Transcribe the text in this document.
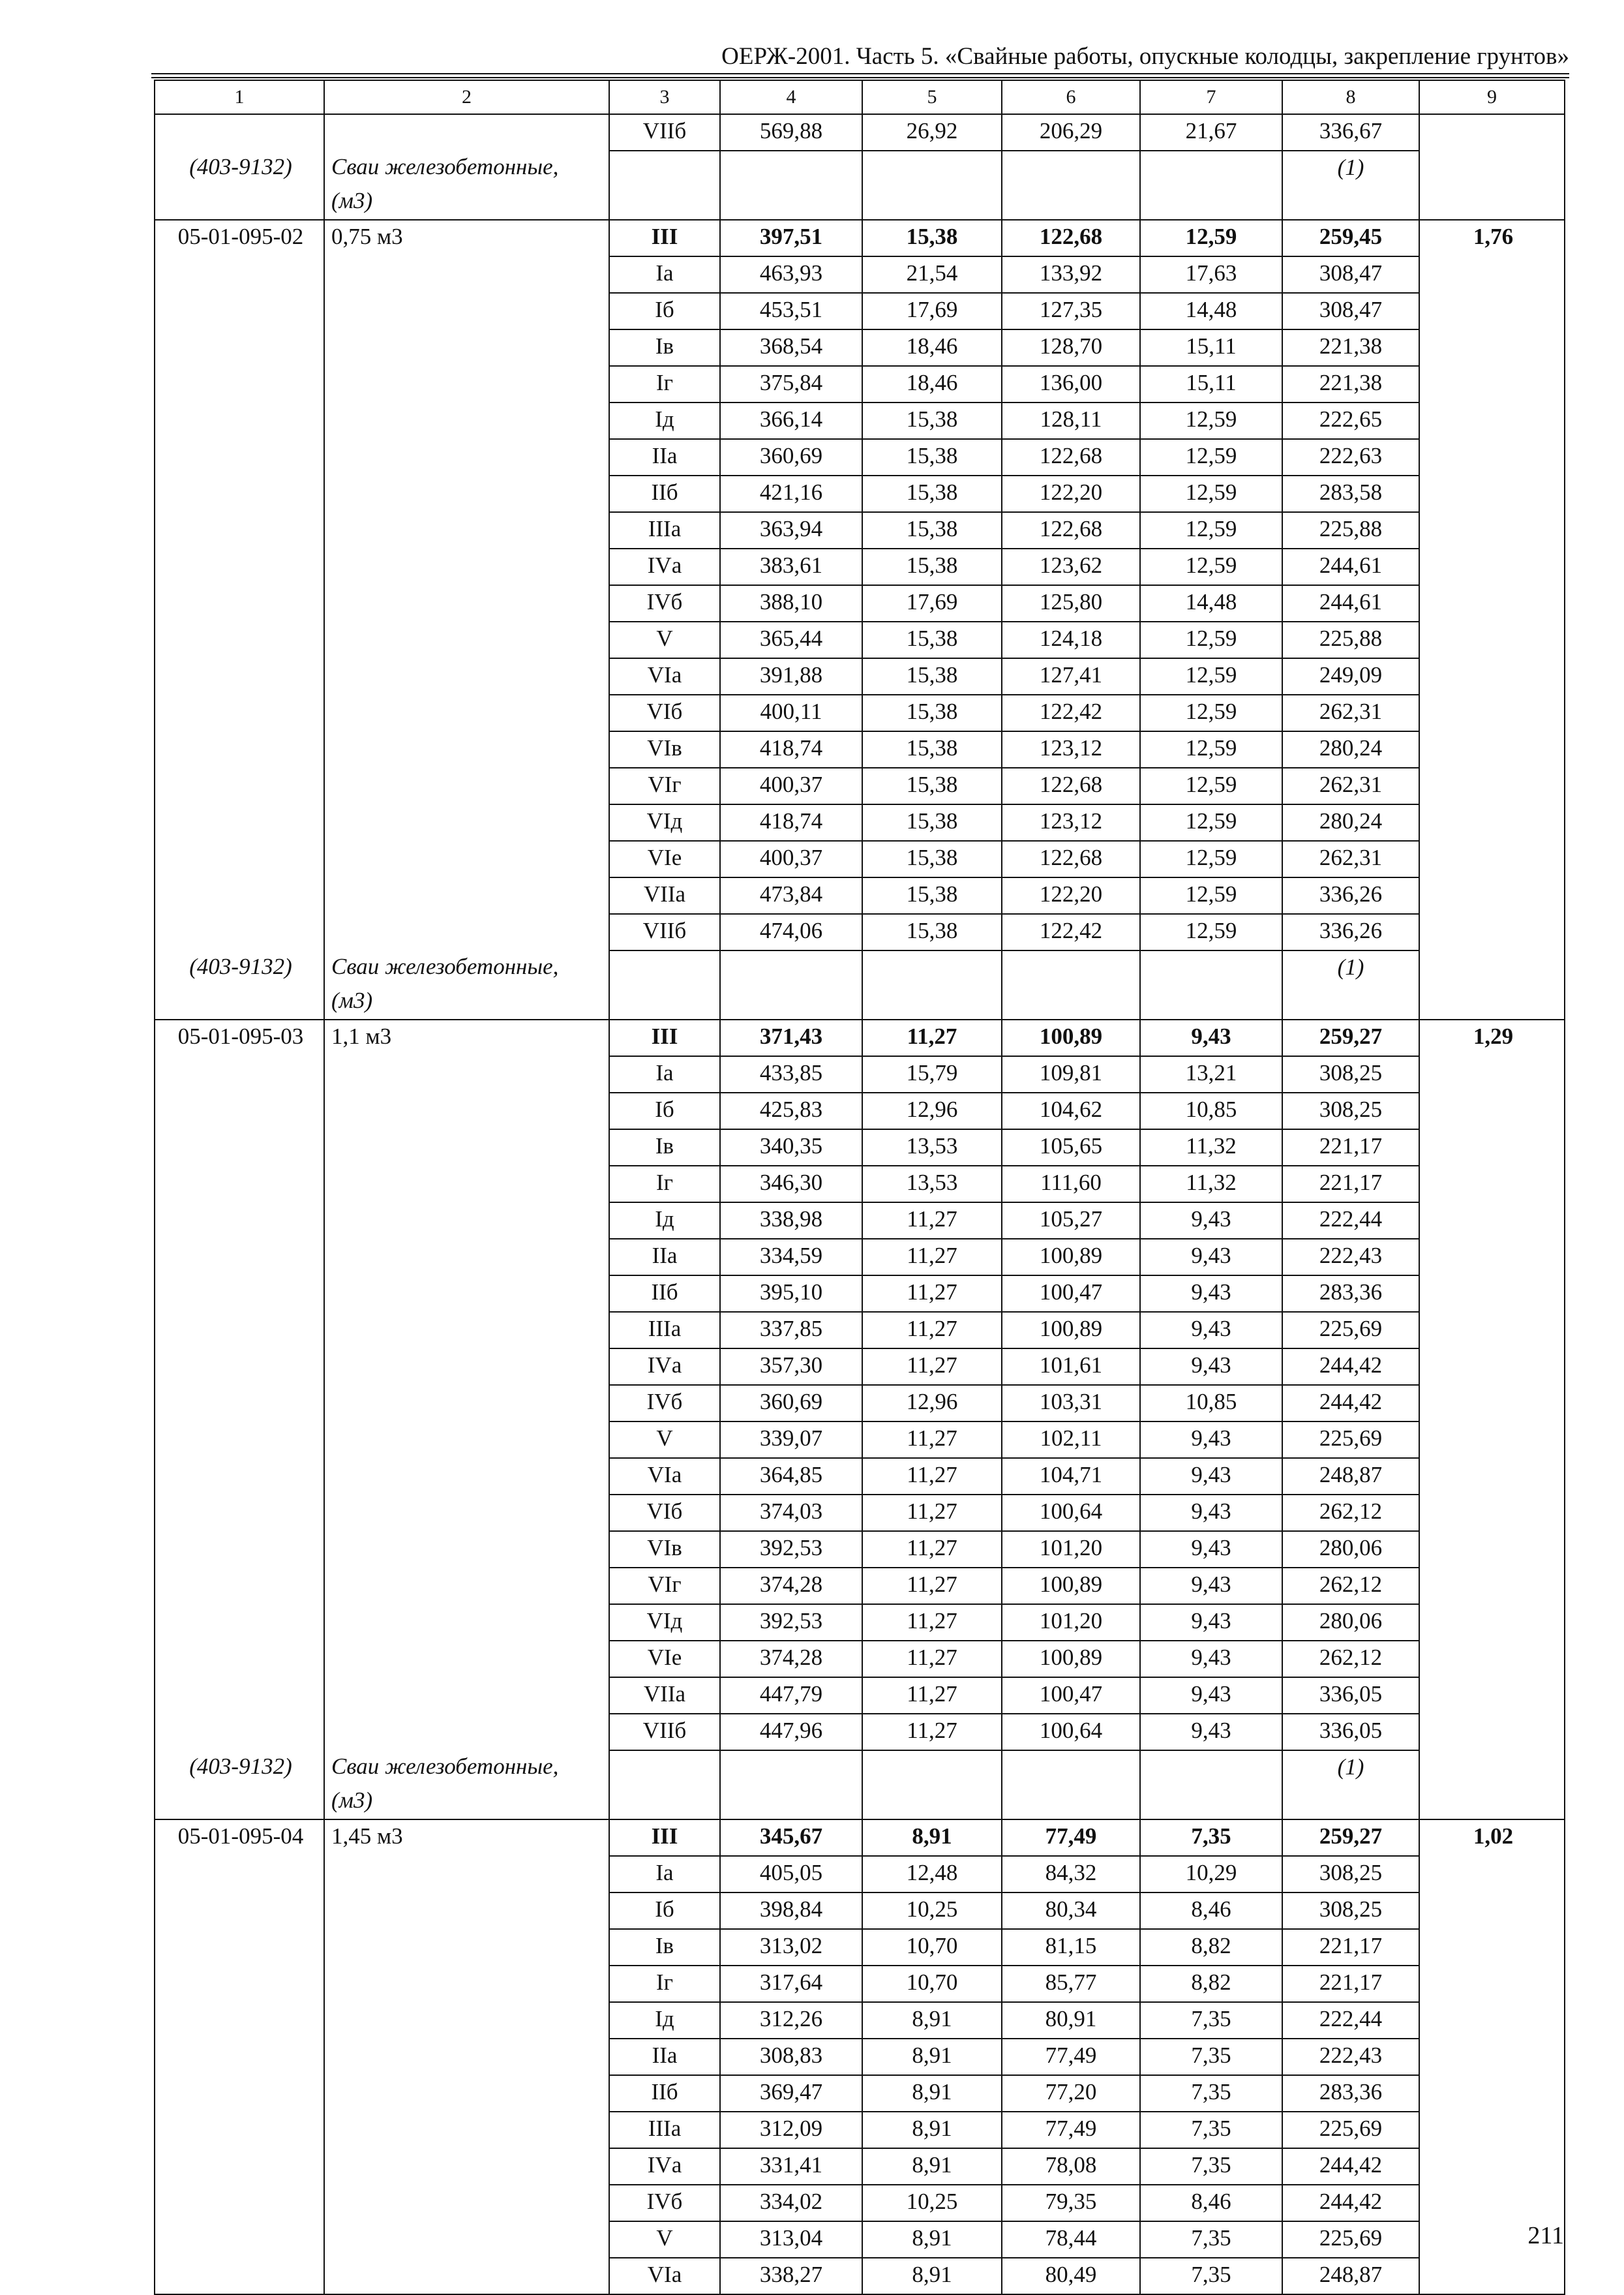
ОЕРЖ-2001. Часть 5. «Свайные работы, опускные колодцы, закрепление грунтов»
1	2	3	4	5	6	7	8	9
		VIIб	569,88	26,92	206,29	21,67	336,67	
(403-9132)	Сваи железобетонные,						(1)	
	(м3)							
05-01-095-02	0,75 м3	III	397,51	15,38	122,68	12,59	259,45	1,76
		Iа	463,93	21,54	133,92	17,63	308,47	
		Iб	453,51	17,69	127,35	14,48	308,47	
		Iв	368,54	18,46	128,70	15,11	221,38	
		Iг	375,84	18,46	136,00	15,11	221,38	
		Iд	366,14	15,38	128,11	12,59	222,65	
		IIа	360,69	15,38	122,68	12,59	222,63	
		IIб	421,16	15,38	122,20	12,59	283,58	
		IIIа	363,94	15,38	122,68	12,59	225,88	
		IVа	383,61	15,38	123,62	12,59	244,61	
		IVб	388,10	17,69	125,80	14,48	244,61	
		V	365,44	15,38	124,18	12,59	225,88	
		VIа	391,88	15,38	127,41	12,59	249,09	
		VIб	400,11	15,38	122,42	12,59	262,31	
		VIв	418,74	15,38	123,12	12,59	280,24	
		VIг	400,37	15,38	122,68	12,59	262,31	
		VIд	418,74	15,38	123,12	12,59	280,24	
		VIе	400,37	15,38	122,68	12,59	262,31	
		VIIа	473,84	15,38	122,20	12,59	336,26	
		VIIб	474,06	15,38	122,42	12,59	336,26	
(403-9132)	Сваи железобетонные,						(1)	
	(м3)							
05-01-095-03	1,1 м3	III	371,43	11,27	100,89	9,43	259,27	1,29
		Iа	433,85	15,79	109,81	13,21	308,25	
		Iб	425,83	12,96	104,62	10,85	308,25	
		Iв	340,35	13,53	105,65	11,32	221,17	
		Iг	346,30	13,53	111,60	11,32	221,17	
		Iд	338,98	11,27	105,27	9,43	222,44	
		IIа	334,59	11,27	100,89	9,43	222,43	
		IIб	395,10	11,27	100,47	9,43	283,36	
		IIIа	337,85	11,27	100,89	9,43	225,69	
		IVа	357,30	11,27	101,61	9,43	244,42	
		IVб	360,69	12,96	103,31	10,85	244,42	
		V	339,07	11,27	102,11	9,43	225,69	
		VIа	364,85	11,27	104,71	9,43	248,87	
		VIб	374,03	11,27	100,64	9,43	262,12	
		VIв	392,53	11,27	101,20	9,43	280,06	
		VIг	374,28	11,27	100,89	9,43	262,12	
		VIд	392,53	11,27	101,20	9,43	280,06	
		VIе	374,28	11,27	100,89	9,43	262,12	
		VIIа	447,79	11,27	100,47	9,43	336,05	
		VIIб	447,96	11,27	100,64	9,43	336,05	
(403-9132)	Сваи железобетонные,						(1)	
	(м3)							
05-01-095-04	1,45 м3	III	345,67	8,91	77,49	7,35	259,27	1,02
		Iа	405,05	12,48	84,32	10,29	308,25	
		Iб	398,84	10,25	80,34	8,46	308,25	
		Iв	313,02	10,70	81,15	8,82	221,17	
		Iг	317,64	10,70	85,77	8,82	221,17	
		Iд	312,26	8,91	80,91	7,35	222,44	
		IIа	308,83	8,91	77,49	7,35	222,43	
		IIб	369,47	8,91	77,20	7,35	283,36	
		IIIа	312,09	8,91	77,49	7,35	225,69	
		IVа	331,41	8,91	78,08	7,35	244,42	
		IVб	334,02	10,25	79,35	8,46	244,42	
		V	313,04	8,91	78,44	7,35	225,69	
		VIа	338,27	8,91	80,49	7,35	248,87	
211
